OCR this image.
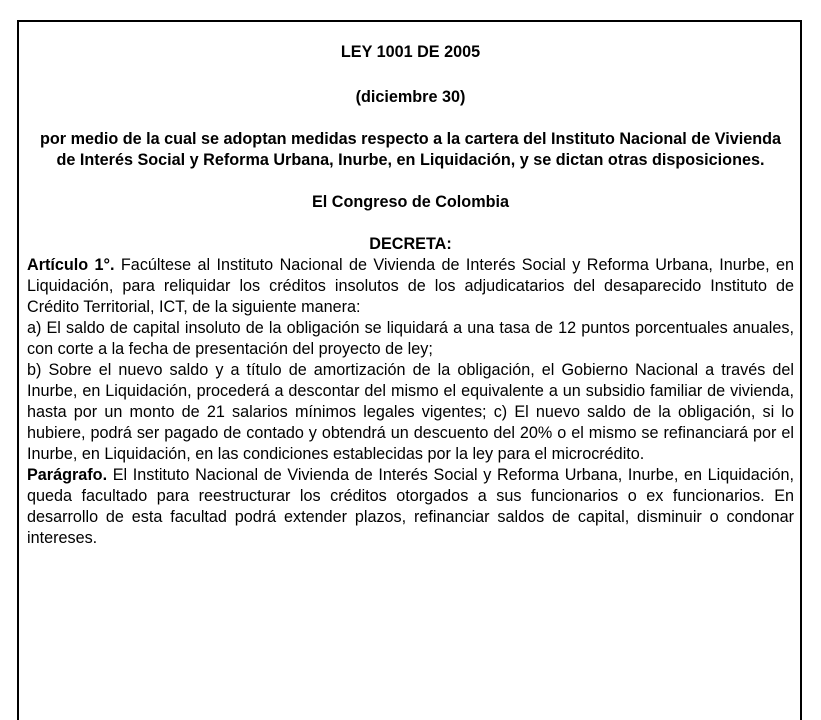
LEY 1001 DE 2005
(diciembre 30)
por medio de la cual se adoptan medidas respecto a la cartera del Instituto Nacional de Vivienda de Interés Social y Reforma Urbana, Inurbe, en Liquidación, y se dictan otras disposiciones.
El Congreso de Colombia
DECRETA:

Artículo 1°. Facúltese al Instituto Nacional de Vivienda de Interés Social y Reforma Urbana, Inurbe, en Liquidación, para reliquidar los créditos insolutos de los adjudicatarios del desaparecido Instituto de Crédito Territorial, ICT, de la siguiente manera:

a) El saldo de capital insoluto de la obligación se liquidará a una tasa de 12 puntos porcentuales anuales, con corte a la fecha de presentación del proyecto de ley;

b) Sobre el nuevo saldo y a título de amortización de la obligación, el Gobierno Nacional a través del Inurbe, en Liquidación, procederá a descontar del mismo el equivalente a un subsidio familiar de vivienda, hasta por un monto de 21 salarios mínimos legales vigentes; c) El nuevo saldo de la obligación, si lo hubiere, podrá ser pagado de contado y obtendrá un descuento del 20% o el mismo se refinanciará por el Inurbe, en Liquidación, en las condiciones establecidas por la ley para el microcrédito.

Parágrafo. El Instituto Nacional de Vivienda de Interés Social y Reforma Urbana, Inurbe, en Liquidación, queda facultado para reestructurar los créditos otorgados a sus funcionarios o ex funcionarios. En desarrollo de esta facultad podrá extender plazos, refinanciar saldos de capital, disminuir o condonar intereses.
